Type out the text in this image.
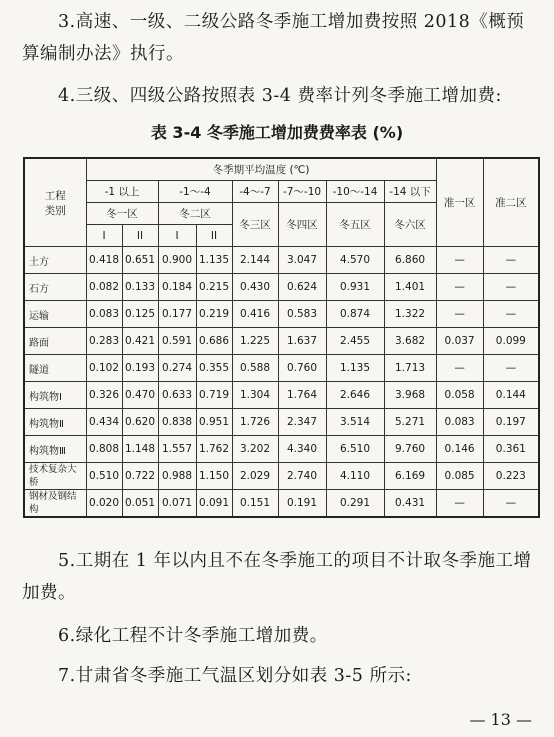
3.高速、一级、二级公路冬季施工增加费按照 2018《概预算编制办法》执行。
4.三级、四级公路按照表 3-4 费率计列冬季施工增加费:
表 3-4 冬季施工增加费费率表 (%)
工程
类别	冬季期平均温度 (℃)								准一区	准二区
	-1 以上		-1～-4		-4～-7	-7～-10	-10～-14	-14 以下		
	冬一区		冬二区		冬三区	冬四区	冬五区	冬六区		
	I	II	I	II						
土方	0.418	0.651	0.900	1.135	2.144	3.047	4.570	6.860	—	—
石方	0.082	0.133	0.184	0.215	0.430	0.624	0.931	1.401	—	—
运输	0.083	0.125	0.177	0.219	0.416	0.583	0.874	1.322	—	—
路面	0.283	0.421	0.591	0.686	1.225	1.637	2.455	3.682	0.037	0.099
隧道	0.102	0.193	0.274	0.355	0.588	0.760	1.135	1.713	—	—
构筑物Ⅰ	0.326	0.470	0.633	0.719	1.304	1.764	2.646	3.968	0.058	0.144
构筑物Ⅱ	0.434	0.620	0.838	0.951	1.726	2.347	3.514	5.271	0.083	0.197
构筑物Ⅲ	0.808	1.148	1.557	1.762	3.202	4.340	6.510	9.760	0.146	0.361
技术复杂大桥	0.510	0.722	0.988	1.150	2.029	2.740	4.110	6.169	0.085	0.223
钢材及钢结构	0.020	0.051	0.071	0.091	0.151	0.191	0.291	0.431	—	—
5.工期在 1 年以内且不在冬季施工的项目不计取冬季施工增加费。
6.绿化工程不计冬季施工增加费。
7.甘肃省冬季施工气温区划分如表 3-5 所示:
— 13 —
